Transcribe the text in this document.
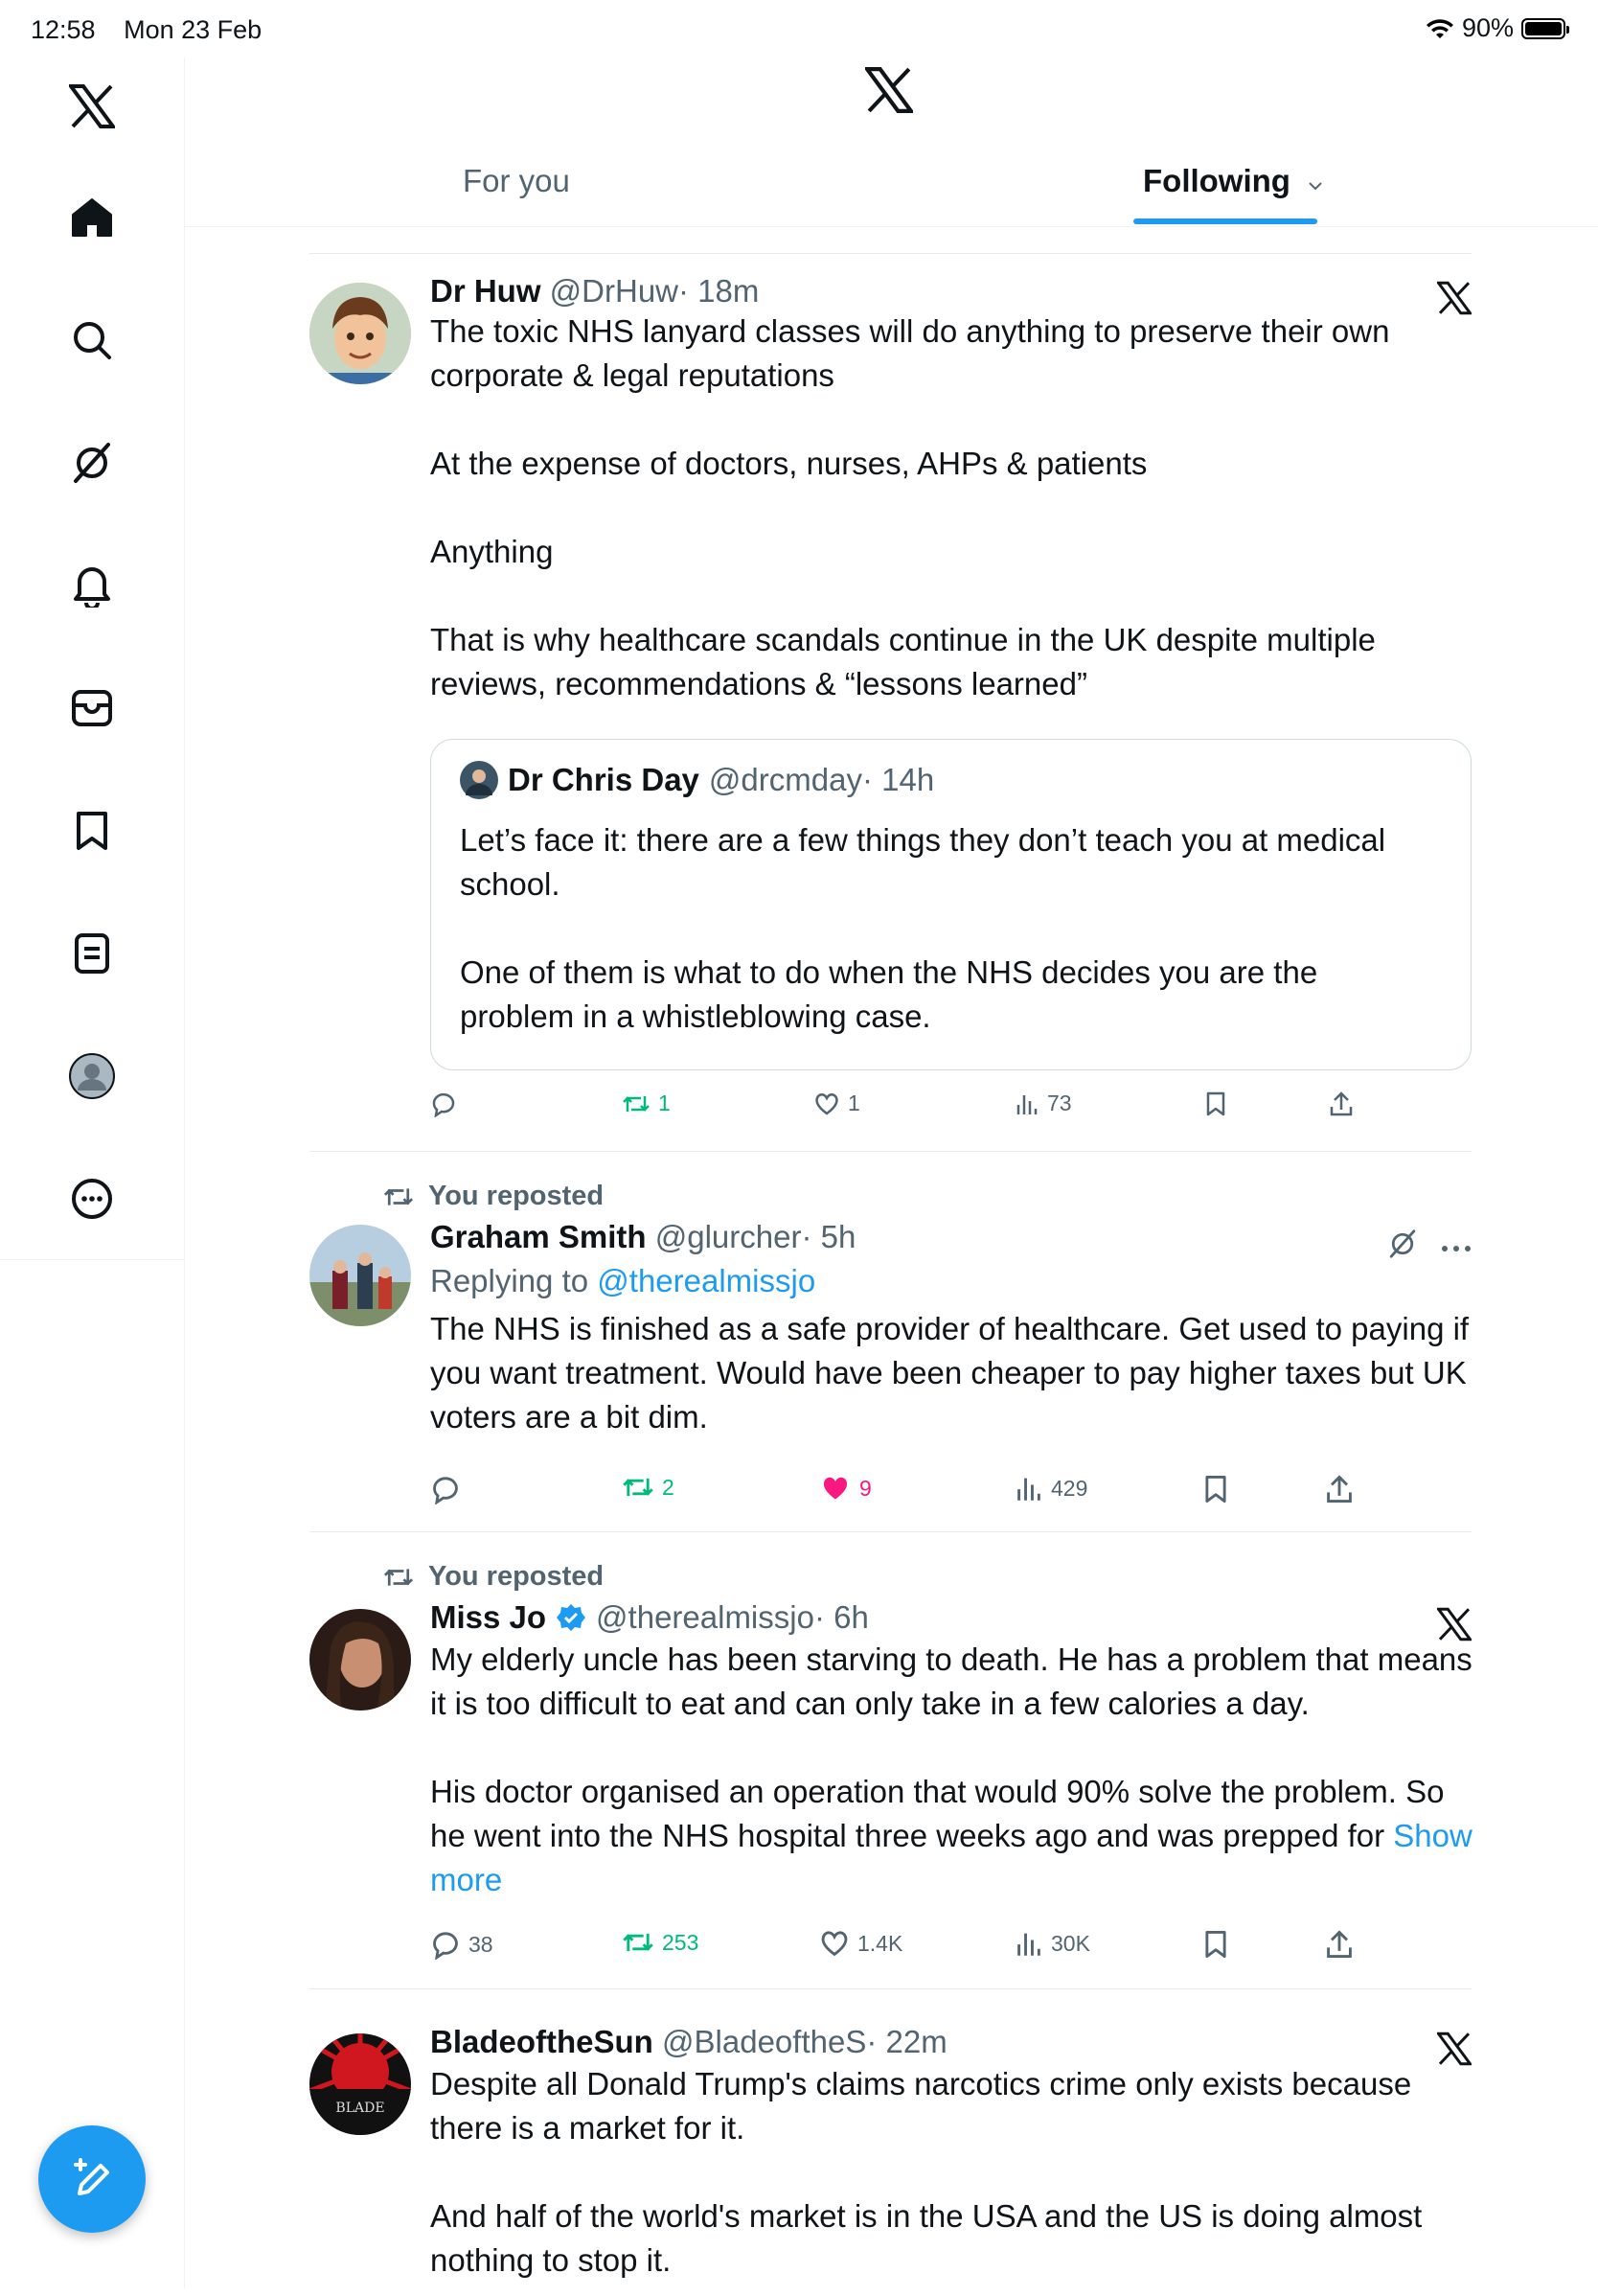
12:58 Mon 23 Feb	90%
For you	Following
Dr Huw @DrHuw· 18m

The toxic NHS lanyard classes will do anything to preserve their own corporate & legal reputations

At the expense of doctors, nurses, AHPs & patients

Anything

That is why healthcare scandals continue in the UK despite multiple reviews, recommendations & “lessons learned”

Dr Chris Day @drcmday· 14h

Let’s face it: there are a few things they don’t teach you at medical school.

One of them is what to do when the NHS decides you are the problem in a whistleblowing case.

1	1	73
You reposted
Graham Smith @glurcher· 5h
Replying to @therealmissjo

The NHS is finished as a safe provider of healthcare. Get used to paying if you want treatment. Would have been cheaper to pay higher taxes but UK voters are a bit dim.

2	9	429
You reposted
Miss Jo @therealmissjo· 6h

My elderly uncle has been starving to death. He has a problem that means it is too difficult to eat and can only take in a few calories a day.

His doctor organised an operation that would 90% solve the problem. So he went into the NHS hospital three weeks ago and was prepped for Show more

38	253	1.4K	30K
BLADE
BladeoftheSun @BladeoftheS· 22m

Despite all Donald Trump's claims narcotics crime only exists because there is a market for it.

And half of the world's market is in the USA and the US is doing almost nothing to stop it.
